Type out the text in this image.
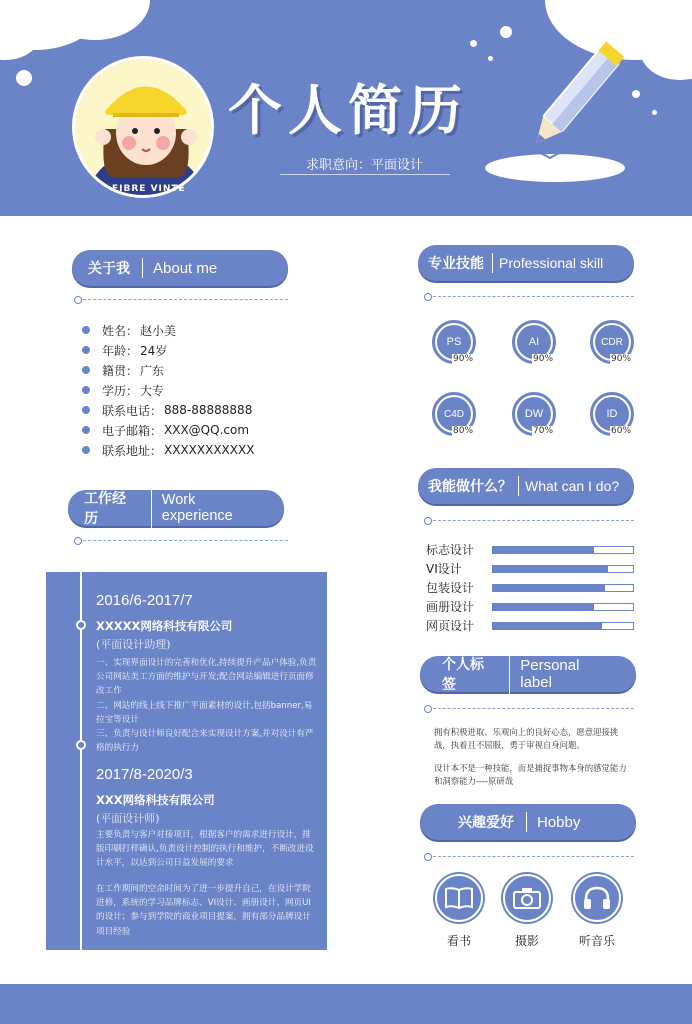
FIBRE VINTE
个人简历
求职意向：平面设计
关于我	About me
姓名： 赵小美
年龄： 24岁
籍贯： 广东
学历： 大专
联系电话： 888-88888888
电子邮箱： XXX@QQ.com
联系地址： XXXXXXXXXXX
工作经历
Work experience
2016/6-2017/7
XXXXX网络科技有限公司
(平面设计助理)
一、实现界面设计的完善和优化,持续提升产品户体验,负责公司网站美工方面的维护与开发;配合网站编辑进行页面修改工作
二、网站的线上线下推广平面素材的设计,包括banner,易拉宝等设计
三、负责与设计师良好配合来实现设计方案,并对设计有严格的执行力
2017/8-2020/3
XXX网络科技有限公司
(平面设计师)
主要负责与客户对接项目，根据客户的需求进行设计，排版印刷打样确认,负责设计控制的执行和维护，不断改进设计水平，以达到公司日益发展的要求
在工作期间的空余时间为了进一步提升自己，在设计学院进修，系统的学习品牌标志、VI设计、画册设计、网页UI的设计；参与到学院的商业项目提案，拥有部分品牌设计项目经验
专业技能	Professional skill
PS
90%
AI
90%
CDR
90%
C4D
80%
DW
70%
ID
60%
我能做什么？ What can I do?
标志设计
VI设计
包装设计
画册设计
网页设计
个人标签
Personal label
拥有积极进取、乐观向上的良好心态，愿意迎接挑战，执着且不屈服，勇于审视自身问题。
设计本不是一种技能，而是捕捉事物本身的感觉能力和洞察能力----原研哉
兴趣爱好	Hobby
看书	摄影	听音乐
